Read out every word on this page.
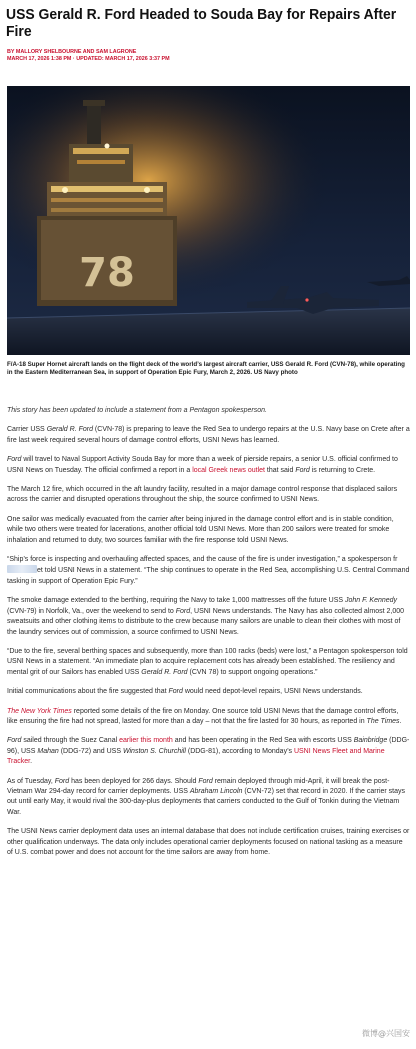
USS Gerald R. Ford Headed to Souda Bay for Repairs After
Fire
BY MALLORY SHELBOURNE AND SAM LAGRONE
MARCH 17, 2026 1:38 PM · UPDATED: MARCH 17, 2026 3:37 PM
78
F/A-18 Super Hornet aircraft lands on the flight deck of the world’s largest aircraft carrier, USS Gerald R. Ford (CVN-78), while operating in the Eastern Mediterranean Sea, in support of Operation Epic Fury, March 2, 2026. US Navy photo

This story has been updated to include a statement from a Pentagon spokesperson.

Carrier USS Gerald R. Ford (CVN-78) is preparing to leave the Red Sea to undergo repairs at the U.S. Navy base on Crete after a fire last week required several hours of damage control efforts, USNI News has learned.

Ford will travel to Naval Support Activity Souda Bay for more than a week of pierside repairs, a senior U.S. official confirmed to USNI News on Tuesday. The official confirmed a report in a local Greek news outlet that said Ford is returning to Crete.

The March 12 fire, which occurred in the aft laundry facility, resulted in a major damage control response that displaced sailors across the carrier and disrupted operations throughout the ship, the source confirmed to USNI News.

One sailor was medically evacuated from the carrier after being injured in the damage control effort and is in stable condition, while two others were treated for lacerations, another official told USNI News. More than 200 sailors were treated for smoke inhalation and returned to duty, two sources familiar with the fire response told USNI News.

“Ship’s force is inspecting and overhauling affected spaces, and the cause of the fire is under investigation,” a spokesperson fret told USNI News in a statement. “The ship continues to operate in the Red Sea, accomplishing U.S. Central Command tasking in support of Operation Epic Fury.”

The smoke damage extended to the berthing, requiring the Navy to take 1,000 mattresses off the future USS John F. Kennedy (CVN-79) in Norfolk, Va., over the weekend to send to Ford, USNI News understands. The Navy has also collected almost 2,000 sweatsuits and other clothing items to distribute to the crew because many sailors are unable to clean their clothes with most of the laundry services out of commission, a source confirmed to USNI News.

“Due to the fire, several berthing spaces and subsequently, more than 100 racks (beds) were lost,” a Pentagon spokesperson told USNI News in a statement. “An immediate plan to acquire replacement cots has already been established. The resiliency and mental grit of our Sailors has enabled USS Gerald R. Ford (CVN 78) to support ongoing operations.”

Initial communications about the fire suggested that Ford would need depot-level repairs, USNI News understands.

The New York Times reported some details of the fire on Monday. One source told USNI News that the damage control efforts, like ensuring the fire had not spread, lasted for more than a day – not that the fire lasted for 30 hours, as reported in The Times.

Ford sailed through the Suez Canal earlier this month and has been operating in the Red Sea with escorts USS Bainbridge (DDG-96), USS Mahan (DDG-72) and USS Winston S. Churchill (DDG-81), according to Monday’s USNI News Fleet and Marine Tracker.

As of Tuesday, Ford has been deployed for 266 days. Should Ford remain deployed through mid-April, it will break the post-Vietnam War 294-day record for carrier deployments. USS Abraham Lincoln (CVN-72) set that record in 2020. If the carrier stays out until early May, it would rival the 300-day-plus deployments that carriers conducted to the Gulf of Tonkin during the Vietnam War.

The USNI News carrier deployment data uses an internal database that does not include certification cruises, training exercises or other qualification underways. The data only includes operational carrier deployments focused on national tasking as a measure of U.S. combat power and does not account for the time sailors are away from home.

微博@兴国安
